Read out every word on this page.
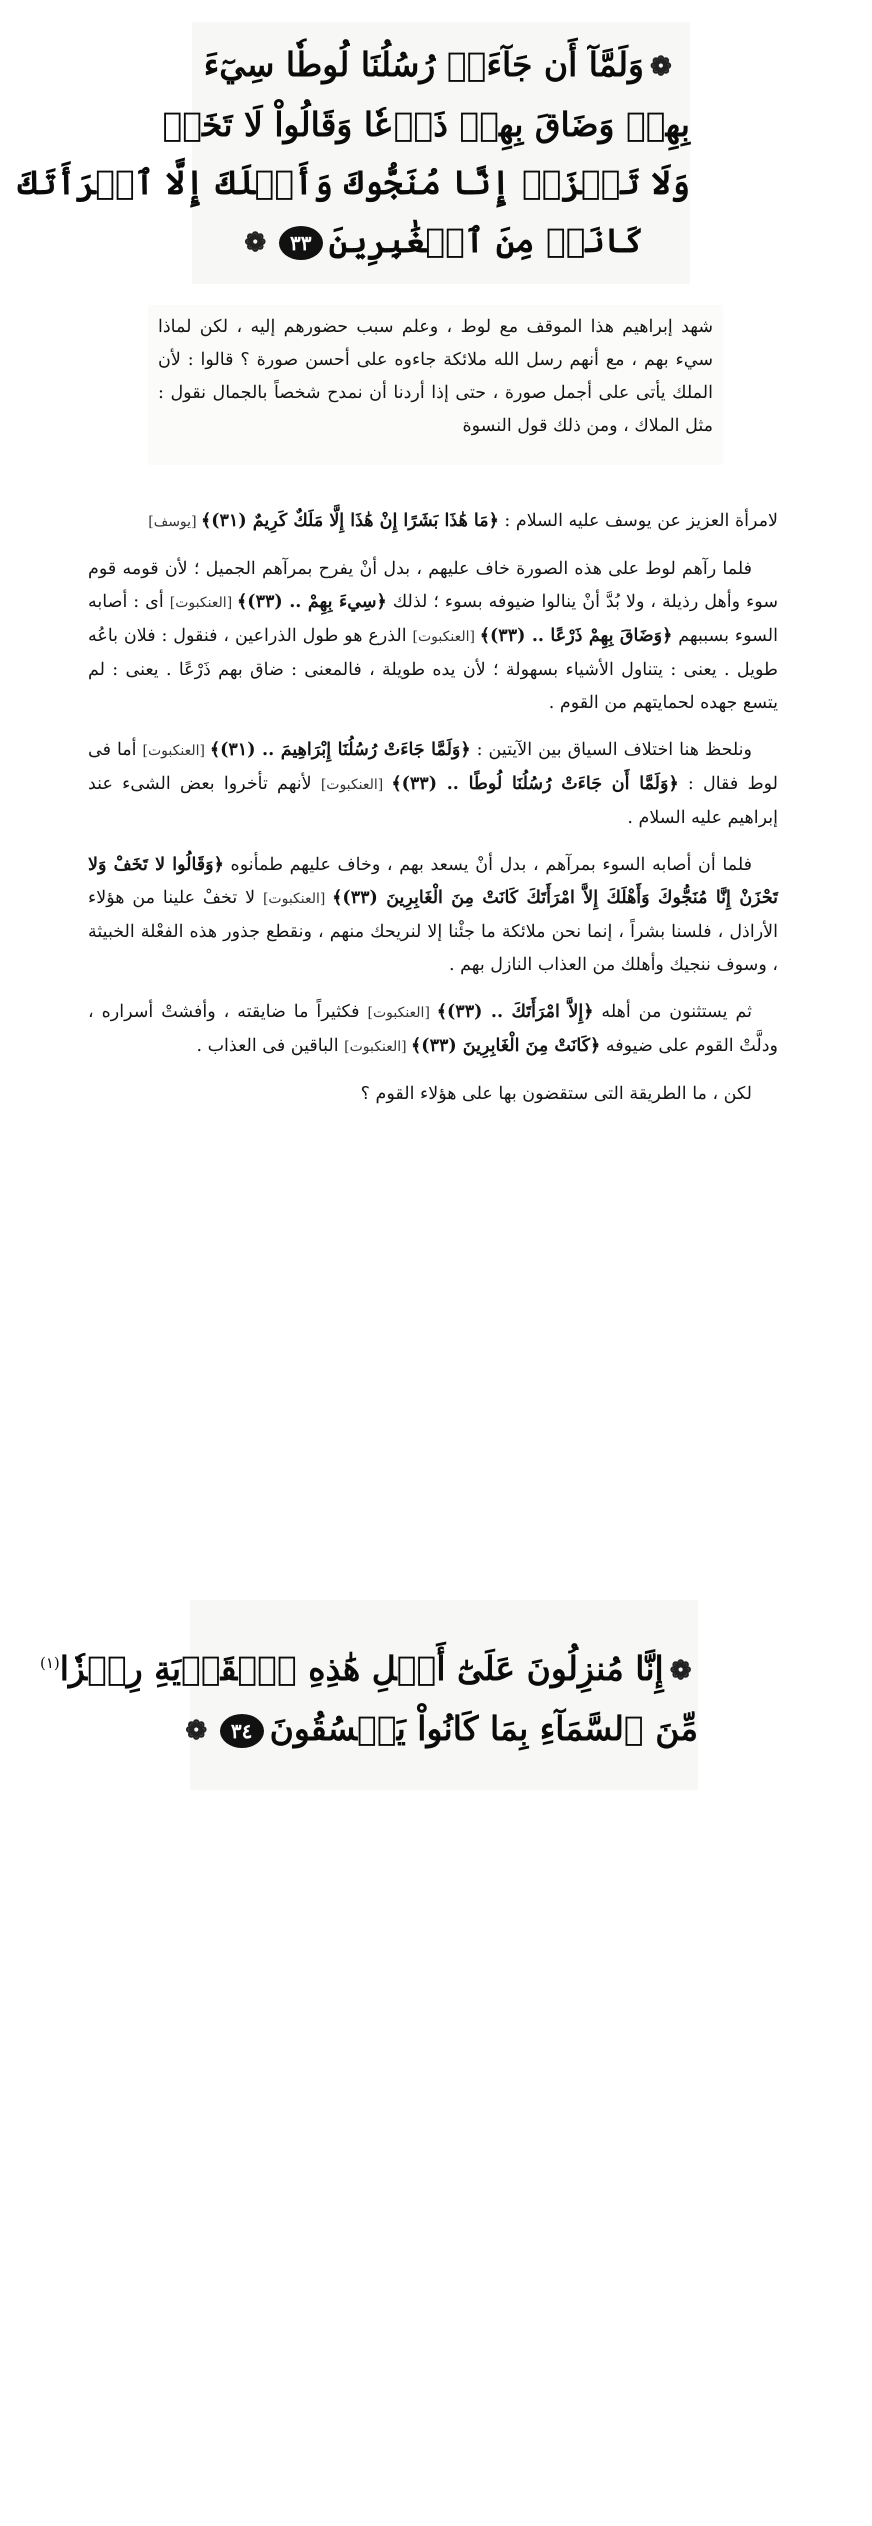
❁وَلَمَّآ أَن جَآءَتۡ رُسُلُنَا لُوطٗا سِيٓءَ
بِهِمۡ وَضَاقَ بِهِمۡ ذَرۡعٗا وَقَالُواْ لَا تَخَفۡ
وَلَا تَحۡزَنۡ إِنَّا مُنَجُّوكَ وَأَهۡلَكَ إِلَّا ٱمۡرَأَتَكَ
كَانَتۡ مِنَ ٱلۡغَٰبِرِينَ٣٣❁
شهد إبراهيم هذا الموقف مع لوط ، وعلم سبب حضورهم إليه ، لكن لماذا سيء بهم ، مع أنهم رسل الله ملائكة جاءوه على أحسن صورة ؟ قالوا : لأن الملك يأتى على أجمل صورة ، حتى إذا أردنا أن نمدح شخصاً بالجمال نقول : مثل الملاك ، ومن ذلك قول النسوة
لامرأة العزيز عن يوسف عليه السلام : ﴿مَا هَٰذَا بَشَرًا إِنْ هَٰذَا إِلَّا مَلَكٌ كَرِيمٌ (٣١)﴾ [يوسف]
فلما رآهم لوط على هذه الصورة خاف عليهم ، بدل أنْ يفرح بمرآهم الجميل ؛ لأن قومه قوم سوء وأهل رذيلة ، ولا بُدَّ أنْ ينالوا ضيوفه بسوء ؛ لذلك ﴿سِيءَ بِهِمْ .. (٣٣)﴾ [العنكبوت] أى : أصابه السوء بسببهم ﴿وَضَاقَ بِهِمْ ذَرْعًا .. (٣٣)﴾ [العنكبوت] الذرع هو طول الذراعين ، فنقول : فلان باعُه طويل . يعنى : يتناول الأشياء بسهولة ؛ لأن يده طويلة ، فالمعنى : ضاق بهم ذَرْعًا . يعنى : لم يتسع جهده لحمايتهم من القوم .
ونلحظ هنا اختلاف السياق بين الآيتين : ﴿وَلَمَّا جَاءَتْ رُسُلُنَا إِبْرَاهِيمَ .. (٣١)﴾ [العنكبوت] أما فى لوط فقال : ﴿وَلَمَّا أَن جَاءَتْ رُسُلُنَا لُوطًا .. (٣٣)﴾ [العنكبوت] لأنهم تأخروا بعض الشىء عند إبراهيم عليه السلام .
فلما أن أصابه السوء بمرآهم ، بدل أنْ يسعد بهم ، وخاف عليهم طمأنوه ﴿وَقَالُوا لا تَخَفْ وَلا تَحْزَنْ إِنَّا مُنَجُّوكَ وَأَهْلَكَ إِلاَّ امْرَأَتَكَ كَانَتْ مِنَ الْغَابِرِينَ (٣٣)﴾ [العنكبوت] لا تخفْ علينا من هؤلاء الأراذل ، فلسنا بشراً ، إنما نحن ملائكة ما جئْنا إلا لنريحك منهم ، ونقطع جذور هذه الفعْلة الخبيثة ، وسوف ننجيك وأهلك من العذاب النازل بهم .
ثم يستثنون من أهله ﴿إِلاَّ امْرَأَتَكَ .. (٣٣)﴾ [العنكبوت] فكثيراً ما ضايقته ، وأفشتْ أسراره ، ودلَّتْ القوم على ضيوفه ﴿كَانَتْ مِنَ الْغَابِرِينَ (٣٣)﴾ [العنكبوت] الباقين فى العذاب .
لكن ، ما الطريقة التى ستقضون بها على هؤلاء القوم ؟
❁إِنَّا مُنزِلُونَ عَلَىٰٓ أَهۡلِ هَٰذِهِ ٱلۡقَرۡيَةِ رِجۡزٗا$^{(١)}$
مِّنَ ٱلسَّمَآءِ بِمَا كَانُواْ يَفۡسُقُونَ٣٤❁
